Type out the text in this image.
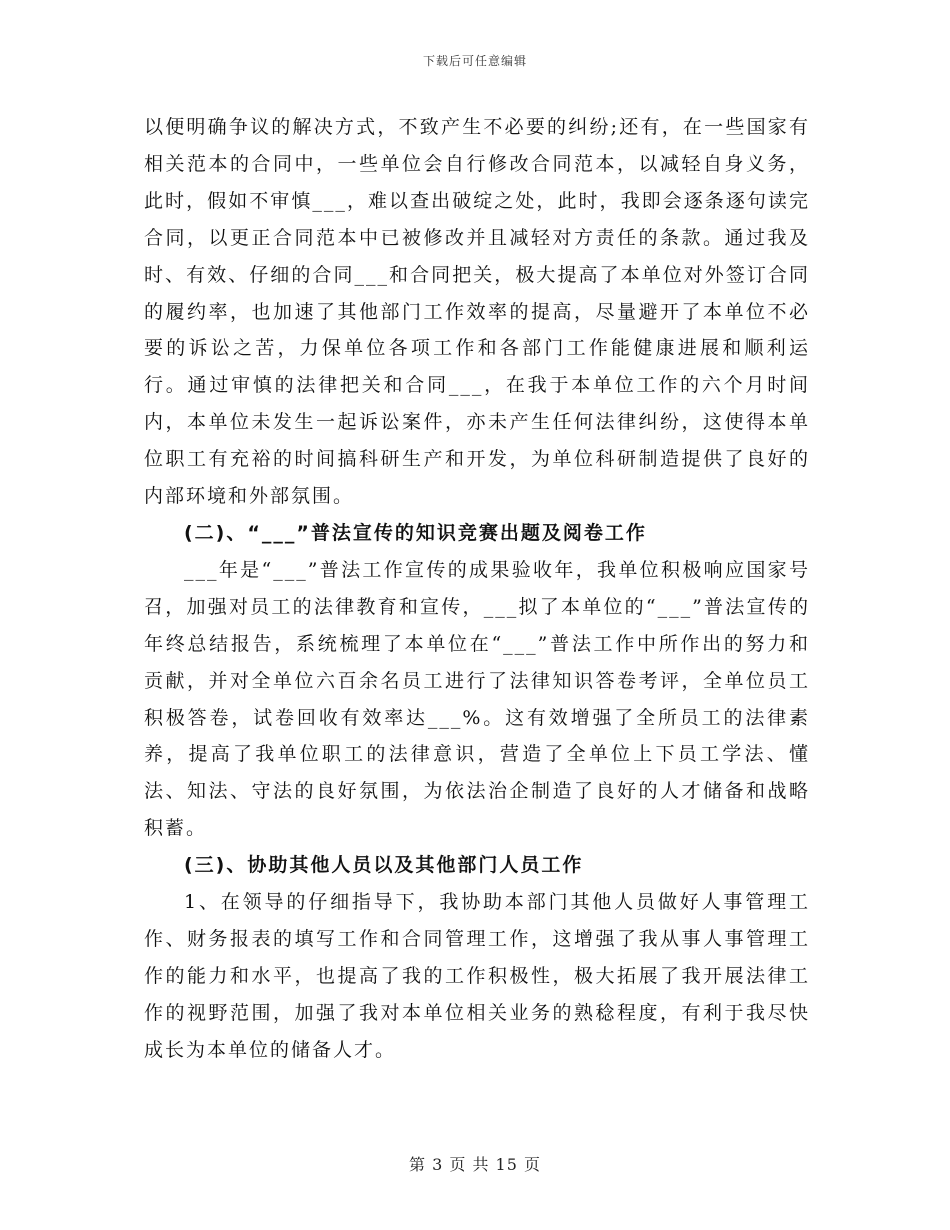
下载后可任意编辑

以便明确争议的解决方式，不致产生不必要的纠纷;还有，在一些国家有相关范本的合同中，一些单位会自行修改合同范本，以减轻自身义务，此时，假如不审慎___，难以查出破绽之处，此时，我即会逐条逐句读完合同，以更正合同范本中已被修改并且减轻对方责任的条款。通过我及时、有效、仔细的合同___和合同把关，极大提高了本单位对外签订合同的履约率，也加速了其他部门工作效率的提高，尽量避开了本单位不必要的诉讼之苦，力保单位各项工作和各部门工作能健康进展和顺利运行。通过审慎的法律把关和合同___，在我于本单位工作的六个月时间内，本单位未发生一起诉讼案件，亦未产生任何法律纠纷，这使得本单位职工有充裕的时间搞科研生产和开发，为单位科研制造提供了良好的内部环境和外部氛围。

(二)、“___”普法宣传的知识竞赛出题及阅卷工作

___年是“___”普法工作宣传的成果验收年，我单位积极响应国家号召，加强对员工的法律教育和宣传，___拟了本单位的“___”普法宣传的年终总结报告，系统梳理了本单位在“___”普法工作中所作出的努力和贡献，并对全单位六百余名员工进行了法律知识答卷考评，全单位员工积极答卷，试卷回收有效率达___%。这有效增强了全所员工的法律素养，提高了我单位职工的法律意识，营造了全单位上下员工学法、懂法、知法、守法的良好氛围，为依法治企制造了良好的人才储备和战略积蓄。

(三)、协助其他人员以及其他部门人员工作

1、在领导的仔细指导下，我协助本部门其他人员做好人事管理工作、财务报表的填写工作和合同管理工作，这增强了我从事人事管理工作的能力和水平，也提高了我的工作积极性，极大拓展了我开展法律工作的视野范围，加强了我对本单位相关业务的熟稔程度，有利于我尽快成长为本单位的储备人才。

第 3 页 共 15 页
